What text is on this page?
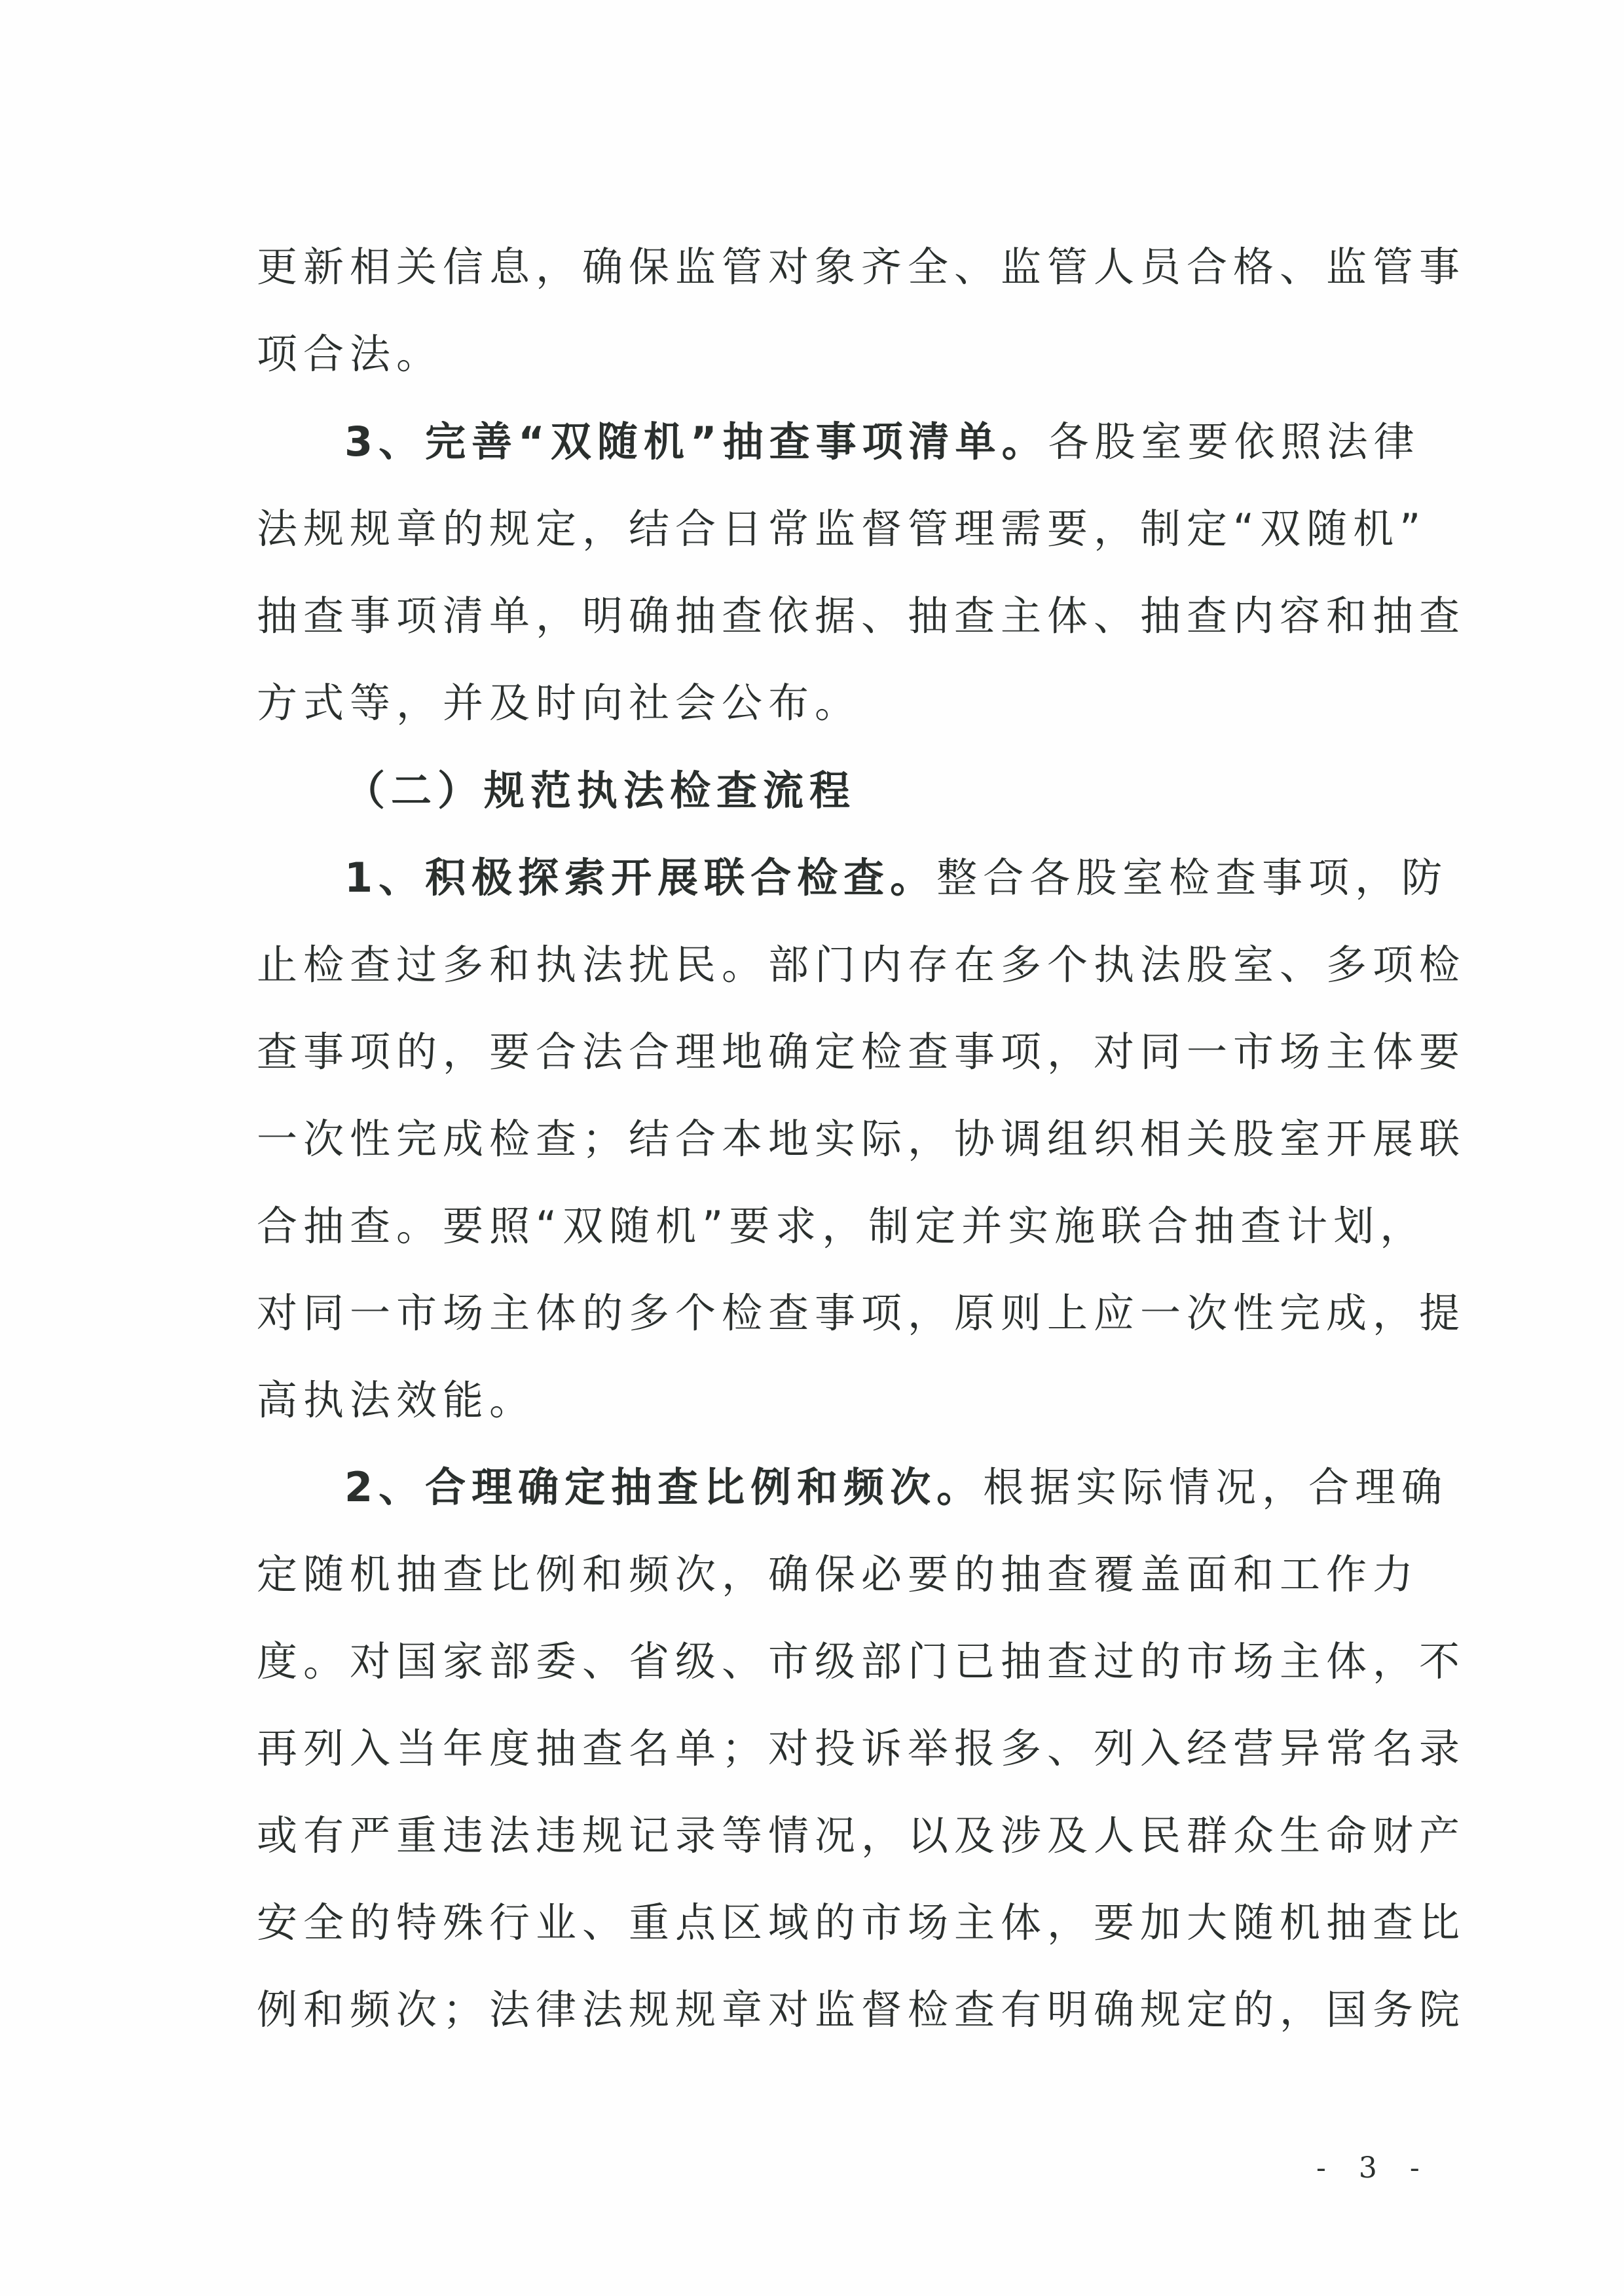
更新相关信息，确保监管对象齐全、监管人员合格、监管事
项合法。
3、完善“双随机”抽查事项清单。各股室要依照法律
法规规章的规定，结合日常监督管理需要，制定“双随机”
抽查事项清单，明确抽查依据、抽查主体、抽查内容和抽查
方式等，并及时向社会公布。
（二）规范执法检查流程
1、积极探索开展联合检查。整合各股室检查事项，防
止检查过多和执法扰民。部门内存在多个执法股室、多项检
查事项的，要合法合理地确定检查事项，对同一市场主体要
一次性完成检查；结合本地实际，协调组织相关股室开展联
合抽查。要照“双随机”要求，制定并实施联合抽查计划，
对同一市场主体的多个检查事项，原则上应一次性完成，提
高执法效能。
2、合理确定抽查比例和频次。根据实际情况，合理确
定随机抽查比例和频次，确保必要的抽查覆盖面和工作力
度。对国家部委、省级、市级部门已抽查过的市场主体，不
再列入当年度抽查名单；对投诉举报多、列入经营异常名录
或有严重违法违规记录等情况，以及涉及人民群众生命财产
安全的特殊行业、重点区域的市场主体，要加大随机抽查比
例和频次；法律法规规章对监督检查有明确规定的，国务院
- 3 -
